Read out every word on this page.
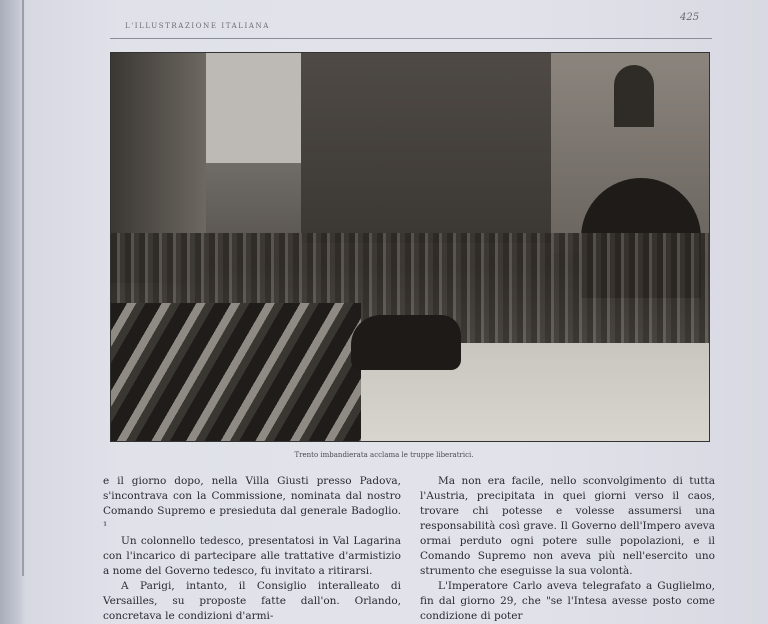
L'ILLUSTRAZIONE ITALIANA
425
Trento imbandierata acclama le truppe liberatrici.

e il giorno dopo, nella Villa Giusti presso Padova, s'incontrava con la Commissione, nominata dal nostro Comando Supremo e presieduta dal generale Badoglio. ¹

Un colonnello tedesco, presentatosi in Val Lagarina con l'incarico di partecipare alle trattative d'armistizio a nome del Governo tedesco, fu invitato a ritirarsi.

A Parigi, intanto, il Consiglio interalleato di Versailles, su proposte fatte dall'on. Orlando, concretava le condizioni d'armi-

Ma non era facile, nello sconvolgimento di tutta l'Austria, precipitata in quei giorni verso il caos, trovare chi potesse e volesse assumersi una responsabilità così grave. Il Governo dell'Impero aveva ormai perduto ogni potere sulle popolazioni, e il Comando Supremo non aveva più nell'esercito uno strumento che eseguisse la sua volontà.

L'Imperatore Carlo aveva telegrafato a Guglielmo, fin dal giorno 29, che "se l'Intesa avesse posto come condizione di poter
